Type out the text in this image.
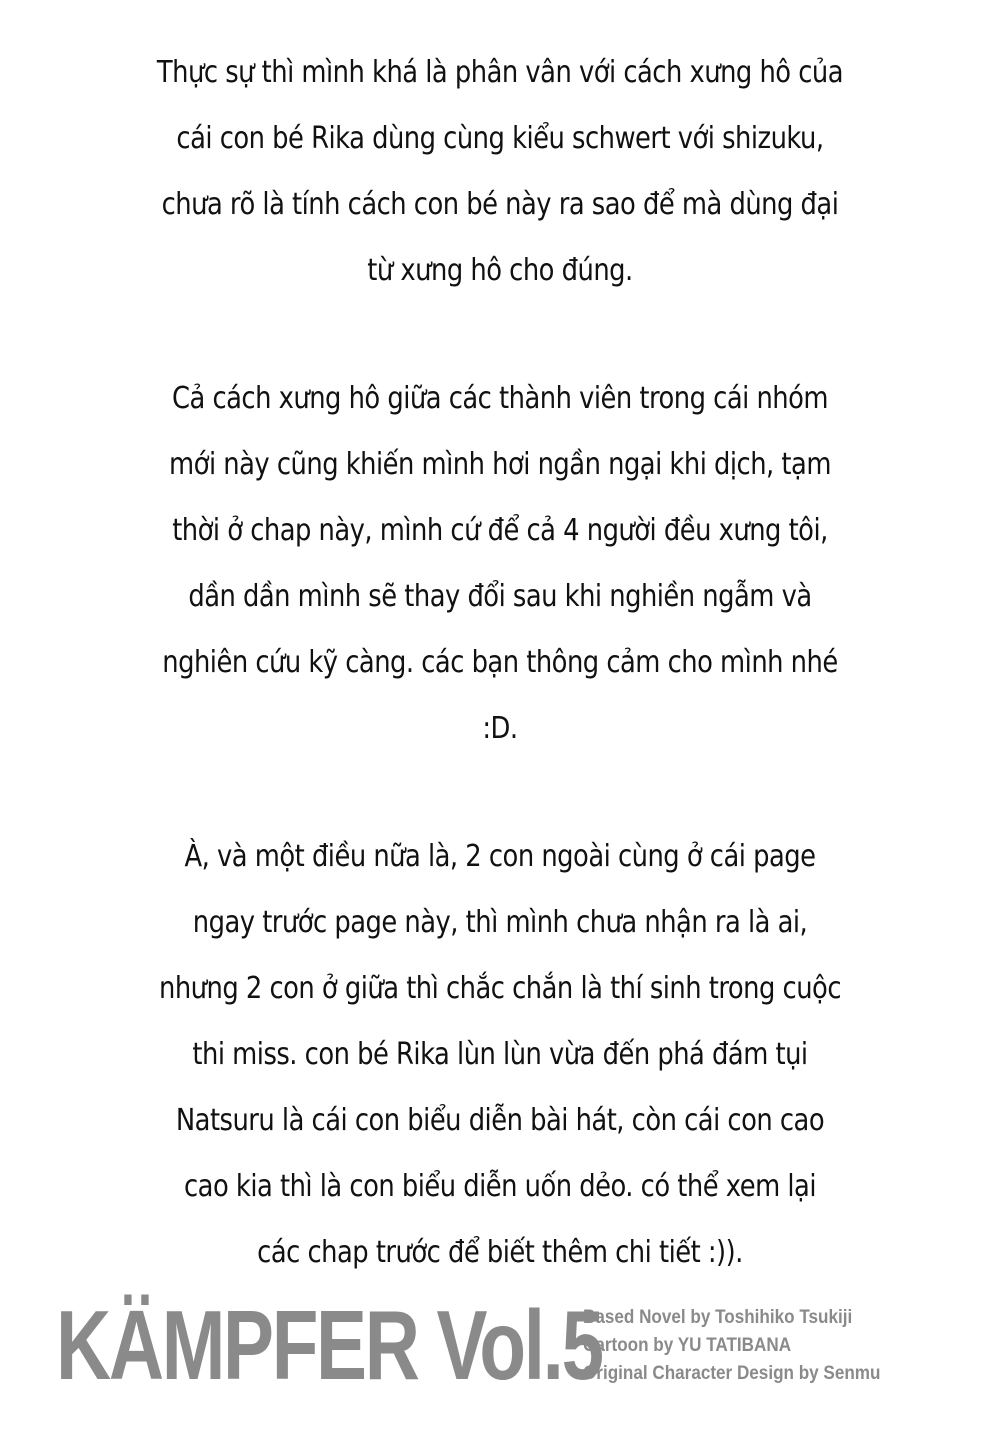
Thực sự thì mình khá là phân vân với cách xưng hô của
cái con bé Rika dùng cùng kiểu schwert với shizuku,
chưa rõ là tính cách con bé này ra sao để mà dùng đại
từ xưng hô cho đúng.
Cả cách xưng hô giữa các thành viên trong cái nhóm
mới này cũng khiến mình hơi ngần ngại khi dịch, tạm
thời ở chap này, mình cứ để cả 4 người đều xưng tôi,
dần dần mình sẽ thay đổi sau khi nghiền ngẫm và
nghiên cứu kỹ càng. các bạn thông cảm cho mình nhé
:D.
À, và một điều nữa là, 2 con ngoài cùng ở cái page
ngay trước page này, thì mình chưa nhận ra là ai,
nhưng 2 con ở giữa thì chắc chắn là thí sinh trong cuộc
thi miss. con bé Rika lùn lùn vừa đến phá đám tụi
Natsuru là cái con biểu diễn bài hát, còn cái con cao
cao kia thì là con biểu diễn uốn dẻo. có thể xem lại
các chap trước để biết thêm chi tiết :)).
KÄMPFER Vol.5
Based Novel by Toshihiko Tsukiji
Cartoon by YU TATIBANA
Original Character Design by Senmu
